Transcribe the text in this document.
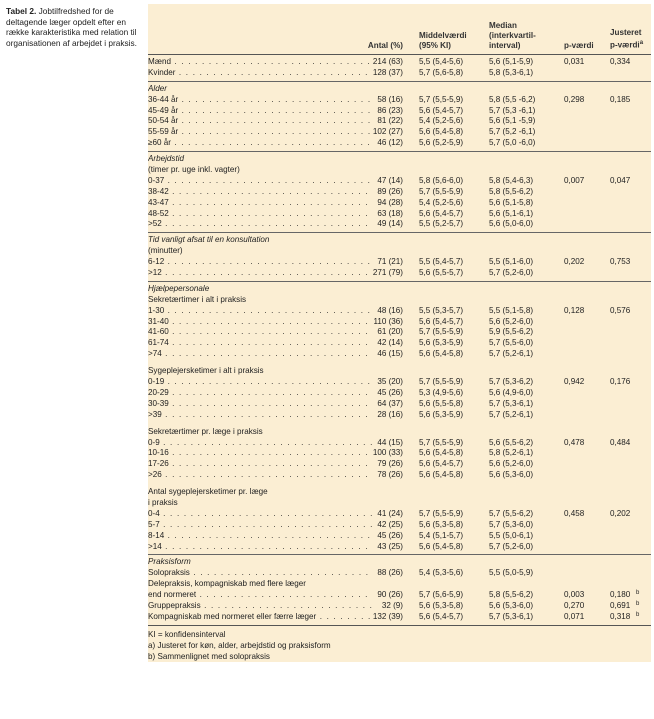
Tabel 2. Jobtilfredshed for de deltagende læger opdelt efter en række karakteristika med relation til organisationen af arbejdet i praksis.	Antal (%)
Middelværdi (95% KI)
Median (interkvartil-interval)	p-værdi
Justeret p-værdi$^a$
Mænd . . .	214 (63) 5,5 (5,4-5,6)	5,6 (5,1-5,9)	0,031	0,334
Kvinder . . .	128 (37) 5,7 (5,6-5,8)	5,8 (5,3-6,1)
Alder
36-44 år . . .	58 (16) 5,7 (5,5-5,9)	5,8 (5,5 -6,2)	0,298	0,185
45-49 år . . .	86 (23) 5,6 (5,4-5,7)	5,7 (5,3 -6,1)
50-54 år . . .	81 (22) 5,4 (5,2-5,6)	5,6 (5,1 -5,9)
55-59 år . . .	102 (27) 5,6 (5,4-5,8)	5,7 (5,2 -6,1)
≥60 år . . .	46 (12) 5,6 (5,2-5,9)	5,7 (5,0 -6,0)
Arbejdstid
(timer pr. uge inkl. vagter)
0-37 . . .	47 (14) 5,8 (5,6-6,0)	5,8 (5,4-6,3)	0,007	0,047
38-42 . . .	89 (26) 5,7 (5,5-5,9)	5,8 (5,5-6,2)
43-47 . . .	94 (28) 5,4 (5,2-5,6)	5,6 (5,1-5,8)
48-52 . . .	63 (18) 5,6 (5,4-5,7)	5,6 (5,1-6,1)
>52 . . .	49 (14) 5,5 (5,2-5,7)	5,6 (5,0-6,0)
Tid vanligt afsat til en konsultation
(minutter)
6-12 . . .	71 (21) 5,5 (5,4-5,7)	5,5 (5,1-6,0)	0,202	0,753
>12 . . .	271 (79) 5,6 (5,5-5,7)	5,7 (5,2-6,0)
Hjælpepersonale
Sekretærtimer i alt i praksis
1-30 . . .	48 (16) 5,5 (5,3-5,7)	5,5 (5,1-5,8)	0,128	0,576
31-40 . . .	110 (36) 5,6 (5,4-5,7)	5,6 (5,2-6,0)
41-60 . . .	61 (20) 5,7 (5,5-5,9)	5,9 (5,5-6,2)
61-74 . . .	42 (14) 5,6 (5,3-5,9)	5,7 (5,5-6,0)
>74 . . .	46 (15) 5,6 (5,4-5,8)	5,7 (5,2-6,1)
Sygeplejersketimer i alt i praksis
0-19 . . .	35 (20) 5,7 (5,5-5,9)	5,7 (5,3-6,2)	0,942	0,176
20-29 . . .	45 (26) 5,3 (4,9-5,6)	5,6 (4,9-6,0)
30-39 . . .	64 (37) 5,6 (5,5-5,8)	5,7 (5,3-6,1)
>39 . . .	28 (16) 5,6 (5,3-5,9)	5,7 (5,2-6,1)
Sekretærtimer pr. læge i praksis
0-9 . . .	44 (15) 5,7 (5,5-5,9)	5,6 (5,5-6,2)	0,478	0,484
10-16 . . .	100 (33) 5,6 (5,4-5,8)	5,8 (5,2-6,1)
17-26 . . .	79 (26) 5,6 (5,4-5,7)	5,6 (5,2-6,0)
>26 . . .	78 (26) 5,6 (5,4-5,8)	5,6 (5,3-6,0)
Antal sygeplejersketimer pr. læge
i praksis
0-4 . . .	41 (24) 5,7 (5,5-5,9)	5,7 (5,5-6,2)	0,458	0,202
5-7 . . .	42 (25) 5,6 (5,3-5,8)	5,7 (5,3-6,0)
8-14 . . .	45 (26) 5,4 (5,1-5,7)	5,5 (5,0-6,1)
>14 . . .	43 (25) 5,6 (5,4-5,8)	5,7 (5,2-6,0)
Praksisform
Solopraksis . . .	88 (26) 5,4 (5,3-5,6)	5,5 (5,0-5,9)
Delepraksis, kompagniskab med flere læger
end normeret . . .	90 (26) 5,7 (5,6-5,9)	5,8 (5,5-6,2)	0,003	0,180 b
Gruppepraksis . . .	32 (9) 5,6 (5,3-5,8)	5,6 (5,3-6,0)	0,270	0,691 b
Kompagniskab med normeret eller færre læger . . .	132 (39) 5,6 (5,4-5,7)	5,7 (5,3-6,1)	0,071	0,318 b
KI = konfidensinterval
a) Justeret for køn, alder, arbejdstid og praksisform
b) Sammenlignet med solopraksis
